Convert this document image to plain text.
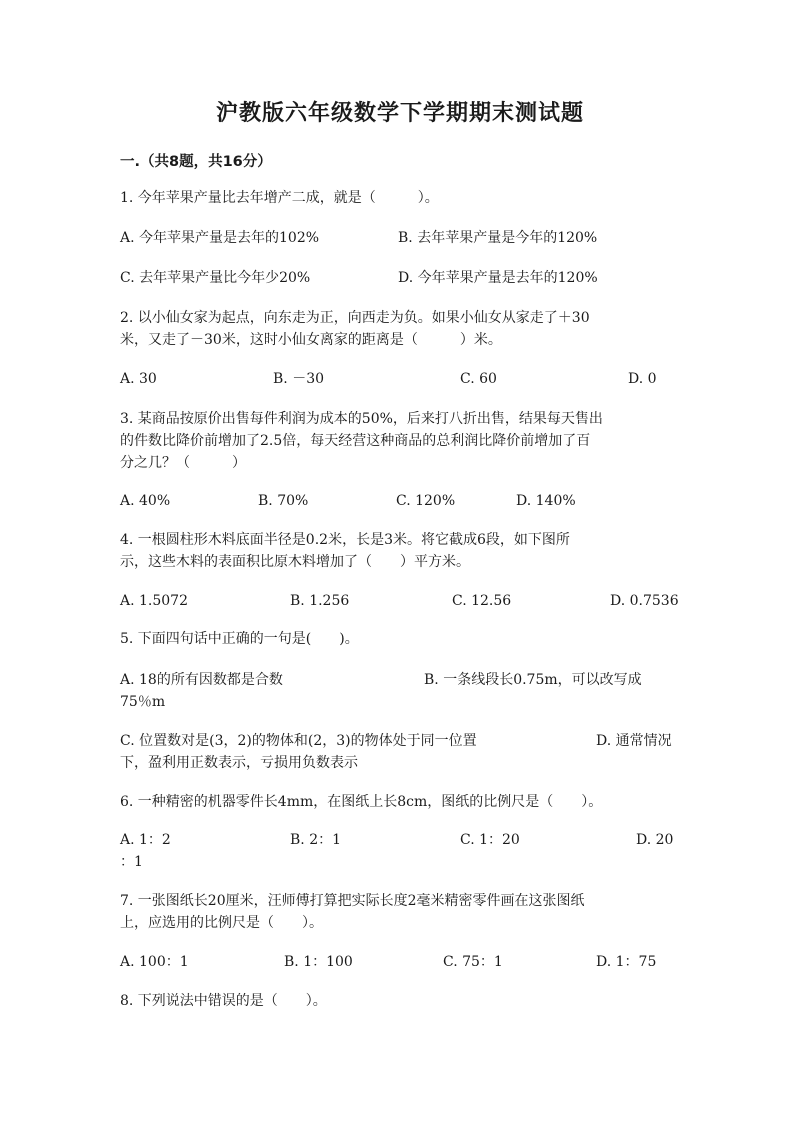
沪教版六年级数学下学期期末测试题
一.（共8题，共16分）
1. 今年苹果产量比去年增产二成，就是（　　　）。
A. 今年苹果产量是去年的102%	B. 去年苹果产量是今年的120%
C. 去年苹果产量比今年少20%	D. 今年苹果产量是去年的120%
2. 以小仙女家为起点，向东走为正，向西走为负。如果小仙女从家走了＋30
米，又走了－30米，这时小仙女离家的距离是（　　　）米。
A. 30	B. －30	C. 60	D. 0
3. 某商品按原价出售每件利润为成本的50%，后来打八折出售，结果每天售出
的件数比降价前增加了2.5倍，每天经营这种商品的总利润比降价前增加了百
分之几？（　　　）
A. 40%	B. 70%	C. 120%	D. 140%
4. 一根圆柱形木料底面半径是0.2米，长是3米。将它截成6段，如下图所
示，这些木料的表面积比原木料增加了（　　）平方米。
A. 1.5072	B. 1.256	C. 12.56	D. 0.7536
5. 下面四句话中正确的一句是(　　)。
A. 18的所有因数都是合数	B. 一条线段长0.75m，可以改写成
75％m
C. 位置数对是(3，2)的物体和(2，3)的物体处于同一位置	D. 通常情况
下，盈利用正数表示，亏损用负数表示
6. 一种精密的机器零件长4mm，在图纸上长8cm，图纸的比例尺是（　　）。
A. 1：2	B. 2：1	C. 1：20	D. 20
：1
7. 一张图纸长20厘米，汪师傅打算把实际长度2毫米精密零件画在这张图纸
上，应选用的比例尺是（　　）。
A. 100：1	B. 1：100	C. 75：1	D. 1：75
8. 下列说法中错误的是（　　）。
